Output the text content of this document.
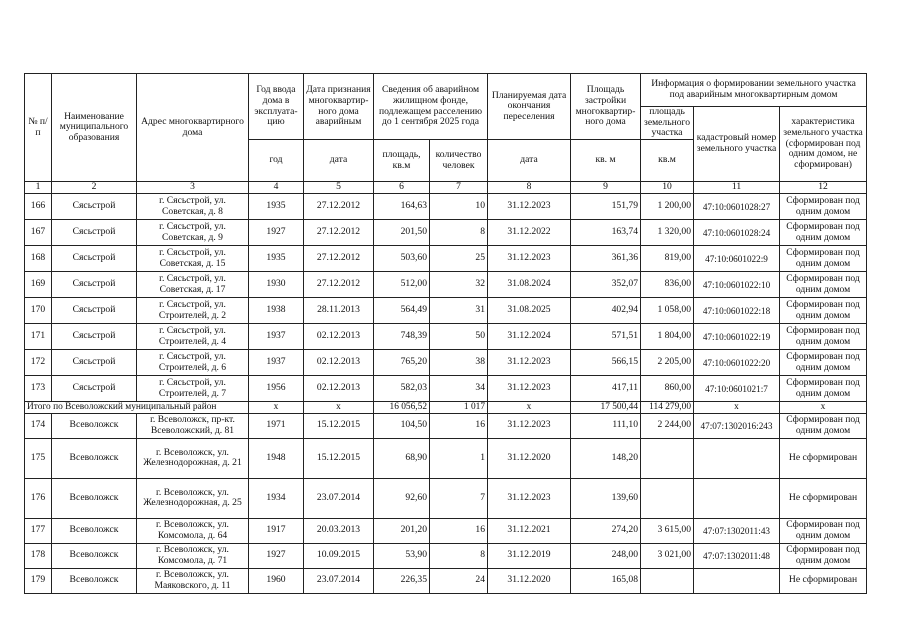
№ п/п	Наименование муниципального образования	Адрес многоквартирного дома	Год ввода дома в эксплуата-цию	Дата признания многоквартир-ного дома аварийным	Сведения об аварийном жилищном фонде, подлежащем расселению до 1 сентября 2025 года		Планируемая дата окончания переселения	Площадь застройки многоквартир-ного дома	Информация о формировании земельного участка под аварийным многоквартирным домом		
									площадь земельного участка	кадастровый номер земельного участка	характеристика земельного участка (сформирован под одним домом, не сформирован)
			год	дата	площадь, кв.м	количество человек	дата	кв. м	кв.м		
1	2	3	4	5	6	7	8	9	10	11	12
166	Сясьстрой	г. Сясьстрой, ул. Советская, д. 8	1935	27.12.2012	164,63	10	31.12.2023	151,79	1 200,00	47:10:0601028:27	Сформирован под одним домом
167	Сясьстрой	г. Сясьстрой, ул. Советская, д. 9	1927	27.12.2012	201,50	8	31.12.2022	163,74	1 320,00	47:10:0601028:24	Сформирован под одним домом
168	Сясьстрой	г. Сясьстрой, ул. Советская, д. 15	1935	27.12.2012	503,60	25	31.12.2023	361,36	819,00	47:10:0601022:9	Сформирован под одним домом
169	Сясьстрой	г. Сясьстрой, ул. Советская, д. 17	1930	27.12.2012	512,00	32	31.08.2024	352,07	836,00	47:10:0601022:10	Сформирован под одним домом
170	Сясьстрой	г. Сясьстрой, ул. Строителей, д. 2	1938	28.11.2013	564,49	31	31.08.2025	402,94	1 058,00	47:10:0601022:18	Сформирован под одним домом
171	Сясьстрой	г. Сясьстрой, ул. Строителей, д. 4	1937	02.12.2013	748,39	50	31.12.2024	571,51	1 804,00	47:10:0601022:19	Сформирован под одним домом
172	Сясьстрой	г. Сясьстрой, ул. Строителей, д. 6	1937	02.12.2013	765,20	38	31.12.2023	566,15	2 205,00	47:10:0601022:20	Сформирован под одним домом
173	Сясьстрой	г. Сясьстрой, ул. Строителей, д. 7	1956	02.12.2013	582,03	34	31.12.2023	417,11	860,00	47:10:0601021:7	Сформирован под одним домом
Итого по Всеволожский муниципальный район			x	x	16 056,52	1 017	x	17 500,44	114 279,00	x	x
174	Всеволожск	г. Всеволожск, пр-кт. Всеволожский, д. 81	1971	15.12.2015	104,50	16	31.12.2023	111,10	2 244,00	47:07:1302016:243	Сформирован под одним домом
175	Всеволожск	г. Всеволожск, ул. Железнодорожная, д. 21	1948	15.12.2015	68,90	1	31.12.2020	148,20			Не сформирован
176	Всеволожск	г. Всеволожск, ул. Железнодорожная, д. 25	1934	23.07.2014	92,60	7	31.12.2023	139,60			Не сформирован
177	Всеволожск	г. Всеволожск, ул. Комсомола, д. 64	1917	20.03.2013	201,20	16	31.12.2021	274,20	3 615,00	47:07:1302011:43	Сформирован под одним домом
178	Всеволожск	г. Всеволожск, ул. Комсомола, д. 71	1927	10.09.2015	53,90	8	31.12.2019	248,00	3 021,00	47:07:1302011:48	Сформирован под одним домом
179	Всеволожск	г. Всеволожск, ул. Маяковского, д. 11	1960	23.07.2014	226,35	24	31.12.2020	165,08			Не сформирован
